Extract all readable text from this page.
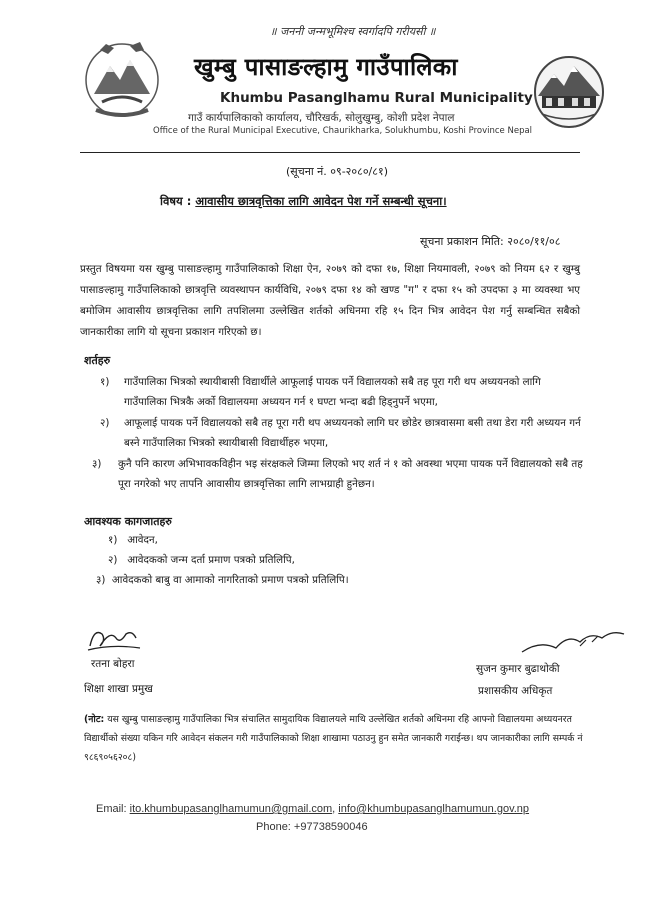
॥ जननी जन्मभूमिश्च स्वर्गादपि गरीयसी ॥
खुम्बु पासाङल्हामु गाउँपालिका
Khumbu Pasanglhamu Rural Municipality
गाउँ कार्यपालिकाको कार्यालय, चौरिखर्क, सोलुखुम्बु, कोशी प्रदेश नेपाल
Office of the Rural Municipal Executive, Chaurikharka, Solukhumbu, Koshi Province Nepal
(सूचना नं. ०९-२०८०/८१)
विषय : आवासीय छात्रवृत्तिका लागि आवेदन पेश गर्ने सम्बन्धी सूचना।
सूचना प्रकाशन मिति: २०८०/११/०८
प्रस्तुत विषयमा यस खुम्बु पासाङल्हामु गाउँपालिकाको शिक्षा ऐन, २०७९ को दफा १७, शिक्षा नियमावली, २०७९ को नियम ६२ र खुम्बु पासाङल्हामु गाउँपालिकाको छात्रवृत्ति व्यवस्थापन कार्यविधि, २०७९ दफा १४ को खण्ड "ग" र दफा १५ को उपदफा ३ मा व्यवस्था भए बमोजिम आवासीय छात्रवृत्तिका लागि तपशिलमा उल्लेखित शर्तको अधिनमा रहि १५ दिन भित्र आवेदन पेश गर्नु सम्बन्धित सबैको जानकारीका लागि यो सूचना प्रकाशन गरिएको छ।
शर्तहरु
१)	गाउँपालिका भित्रको स्थायीबासी विद्यार्थीले आफूलाई पायक पर्ने विद्यालयको सबै तह पूरा गरी थप अध्ययनको लागि गाउँपालिका भित्रकै अर्को विद्यालयमा अध्ययन गर्न १ घण्टा भन्दा बढी हिड्नुपर्ने भएमा,
२)	आफूलाई पायक पर्ने विद्यालयको सबै तह पूरा गरी थप अध्ययनको लागि घर छोडेर छात्रवासमा बसी तथा डेरा गरी अध्ययन गर्न बस्ने गाउँपालिका भित्रको स्थायीबासी विद्यार्थीहरु भएमा,
३)	कुनै पनि कारण अभिभावकविहीन भइ संरक्षकले जिम्मा लिएको भए शर्त नं १ को अवस्था भएमा पायक पर्ने विद्यालयको सबै तह पूरा नगरेको भए तापनि आवासीय छात्रवृत्तिका लागि लाभग्राही हुनेछन।
आवश्यक कागजातहरु
१) आवेदन,
२) आवेदकको जन्म दर्ता प्रमाण पत्रको प्रतिलिपि,
३) आवेदकको बाबु वा आमाको नागरिताको प्रमाण पत्रको प्रतिलिपि।
रतना बोहरा
शिक्षा शाखा प्रमुख
सुजन कुमार बुढाथोकी
प्रशासकीय अधिकृत
(नोट: यस खुम्बु पासाङल्हामु गाउँपालिका भित्र संचालित सामुदायिक विद्यालयले माथि उल्लेखित शर्तको अधिनमा रहि आफ्नो विद्यालयमा अध्ययनरत विद्यार्थीको संख्या यकिन गरि आवेदन संकलन गरी गाउँपालिकाको शिक्षा शाखामा पठाउनु हुन समेत जानकारी गराईन्छ। थप जानकारीका लागि सम्पर्क नं ९८६९०५६२०८)
Email: ito.khumbupasanglhamumun@gmail.com, info@khumbupasanglhamumun.gov.np
Phone: +97738590046
